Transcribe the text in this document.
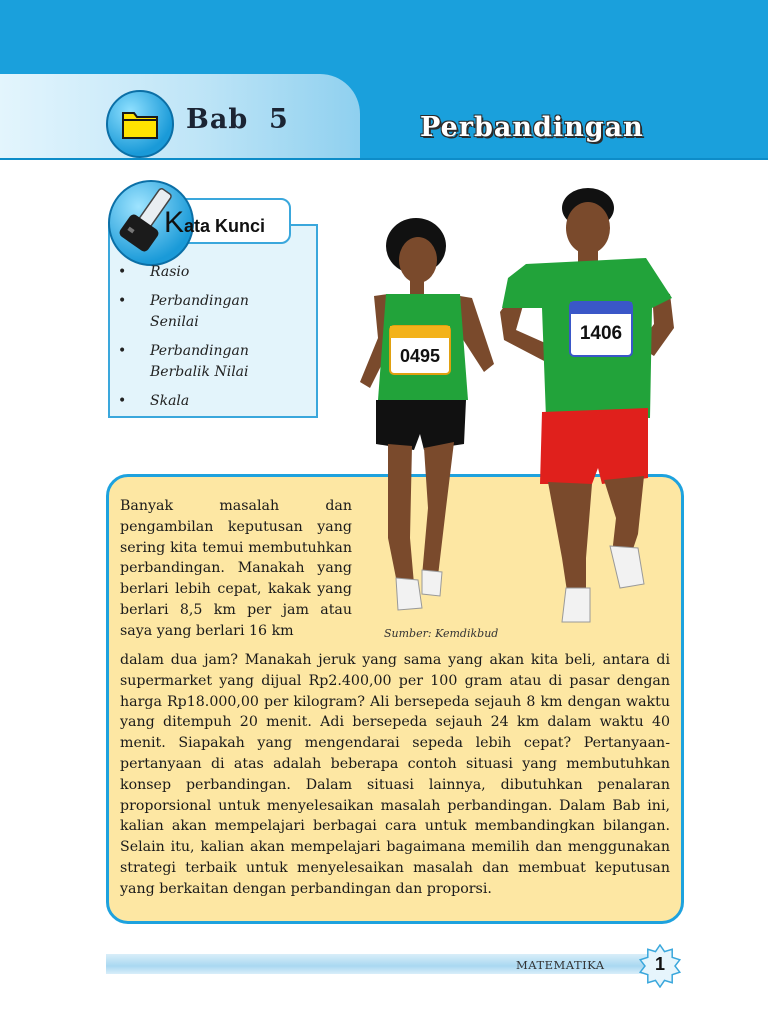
Bab  5	Perbandingan
Kata Kunci
• Rasio
• Perbandingan Senilai
• Perbandingan Berbalik Nilai
• Skala
0495
1406
Sumber: Kemdikbud
Banyak masalah dan pengambilan keputusan yang sering kita temui membutuhkan perbandingan. Manakah yang berlari lebih cepat, kakak yang berlari 8,5 km per jam atau saya yang berlari 16 km
dalam dua jam? Manakah jeruk yang sama yang akan kita beli, antara di supermarket yang dijual Rp2.400,00 per 100 gram atau di pasar dengan harga Rp18.000,00 per kilogram? Ali bersepeda sejauh 8 km dengan waktu yang ditempuh 20 menit. Adi bersepeda sejauh 24 km dalam waktu 40 menit. Siapakah yang mengendarai sepeda lebih cepat? Pertanyaan-pertanyaan di atas adalah beberapa contoh situasi yang membutuhkan konsep perbandingan. Dalam situasi lainnya, dibutuhkan penalaran proporsional untuk menyelesaikan masalah perbandingan. Dalam Bab ini, kalian akan mempelajari berbagai cara untuk membandingkan bilangan. Selain itu, kalian akan mempelajari bagaimana memilih dan menggunakan strategi terbaik untuk menyelesaikan masalah dan membuat keputusan yang berkaitan dengan perbandingan dan proporsi.
MATEMATIKA	1
